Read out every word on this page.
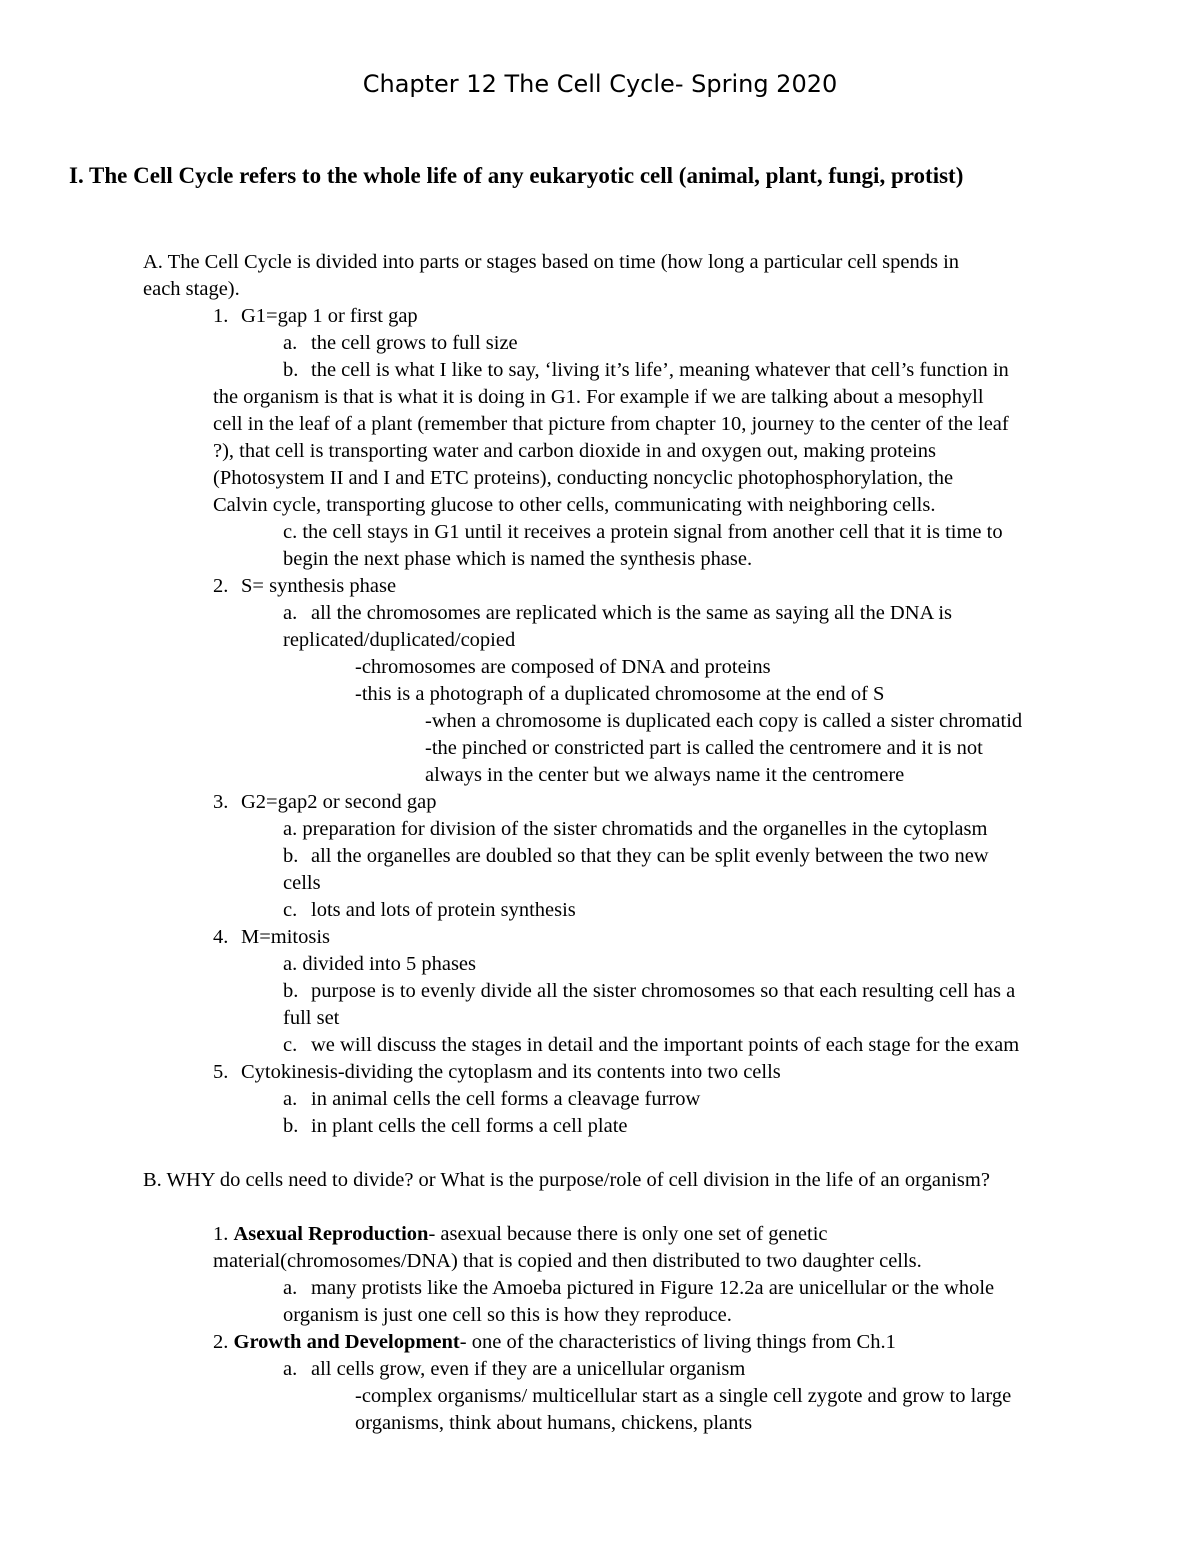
Chapter 12 The Cell Cycle- Spring 2020
I. The Cell Cycle refers to the whole life of any eukaryotic cell (animal, plant, fungi, protist)
A. The Cell Cycle is divided into parts or stages based on time (how long a particular cell spends in
each stage).
1. G1=gap 1 or first gap
a. the cell grows to full size
b. the cell is what I like to say, ‘living it’s life’, meaning whatever that cell’s function in
the organism is that is what it is doing in G1. For example if we are talking about a mesophyll
cell in the leaf of a plant (remember that picture from chapter 10, journey to the center of the leaf
?), that cell is transporting water and carbon dioxide in and oxygen out, making proteins
(Photosystem II and I and ETC proteins), conducting noncyclic photophosphorylation, the
Calvin cycle, transporting glucose to other cells, communicating with neighboring cells.
c. the cell stays in G1 until it receives a protein signal from another cell that it is time to
begin the next phase which is named the synthesis phase.
2. S= synthesis phase
a. all the chromosomes are replicated which is the same as saying all the DNA is
replicated/duplicated/copied
-chromosomes are composed of DNA and proteins
-this is a photograph of a duplicated chromosome at the end of S
-when a chromosome is duplicated each copy is called a sister chromatid
-the pinched or constricted part is called the centromere and it is not
always in the center but we always name it the centromere
3. G2=gap2 or second gap
a. preparation for division of the sister chromatids and the organelles in the cytoplasm
b. all the organelles are doubled so that they can be split evenly between the two new
cells
c. lots and lots of protein synthesis
4. M=mitosis
a. divided into 5 phases
b. purpose is to evenly divide all the sister chromosomes so that each resulting cell has a
full set
c. we will discuss the stages in detail and the important points of each stage for the exam
5. Cytokinesis-dividing the cytoplasm and its contents into two cells
a. in animal cells the cell forms a cleavage furrow
b. in plant cells the cell forms a cell plate
B. WHY do cells need to divide? or What is the purpose/role of cell division in the life of an organism?
1. Asexual Reproduction- asexual because there is only one set of genetic
material(chromosomes/DNA) that is copied and then distributed to two daughter cells.
a. many protists like the Amoeba pictured in Figure 12.2a are unicellular or the whole
organism is just one cell so this is how they reproduce.
2. Growth and Development- one of the characteristics of living things from Ch.1
a. all cells grow, even if they are a unicellular organism
-complex organisms/ multicellular start as a single cell zygote and grow to large
organisms, think about humans, chickens, plants
